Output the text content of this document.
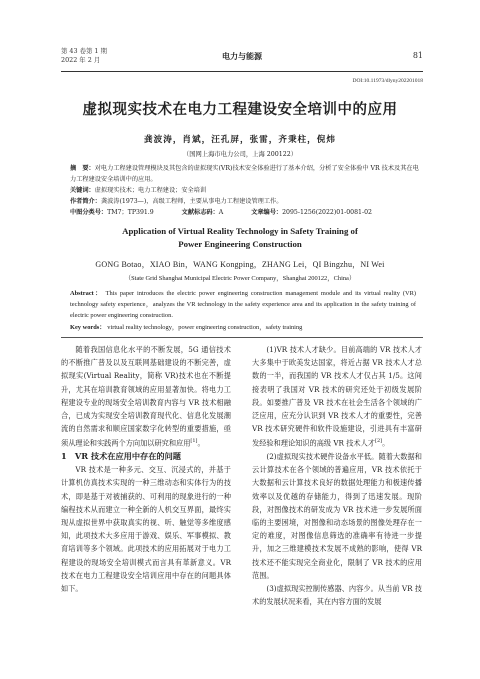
第 43 卷第 1 期
2022 年 2 月	电力与能源	81
DOI:10.11973/dlyny202201018
虚拟现实技术在电力工程建设安全培训中的应用
龚波涛，肖斌，汪孔屏，张雷，齐秉柱，倪炜
（国网上海市电力公司，上海 200122）
摘　要：对电力工程建设管理模块及其包含的虚拟现实(VR)技术安全体验进行了基本介绍，分析了安全体验中 VR 技术及其在电力工程建设安全培训中的应用。
关键词：虚拟现实技术；电力工程建设；安全培训
作者简介：龚波涛(1973—)，高级工程师，主要从事电力工程建设管理工作。
中图分类号：TM7；TP391.9	文献标志码：A	文章编号：2095-1256(2022)01-0081-02
Application of Virtual Reality Technology in Safety Training of
Power Engineering Construction
GONG Botao，XIAO Bin，WANG Kongping，ZHANG Lei，QI Bingzhu，NI Wei
（State Grid Shanghai Municipal Electric Power Company，Shanghai 200122，China）
Abstract： This paper introduces the electric power engineering construction management module and its virtual reality (VR) technology safety experience，analyzes the VR technology in the safety experience area and its application in the safety training of electric power engineering construction.
Key words： virtual reality technology，power engineering construction，safety training

随着我国信息化水平的不断发展，5G 通信技术的不断推广普及以及互联网基础建设的不断完善，虚拟现实(Virtual Reality，简称 VR)技术也在不断提升，尤其在培训教育领域的应用显著加快。将电力工程建设专业的现场安全培训教育内容与 VR 技术相融合，已成为实现安全培训教育现代化、信息化发展潮流的自然需求和顺应国家数字化转型的重要措施，亟须从理论和实践两个方向加以研究和应用[1]。

1　VR 技术在应用中存在的问题

VR 技术是一种多元、交互、沉浸式的，并基于计算机仿真技术实现的一种三维动态和实体行为的技术，即是基于对被捕获的、可利用的现象进行的一种编程技术从而建立一种全新的人机交互界面，最终实现从虚拟世界中获取真实的视、听、触觉等多维度感知，此项技术大多应用于游戏、娱乐、军事模拟、教育培训等多个领域。此项技术的应用拓展对于电力工程建设的现场安全培训模式而言具有革新意义。VR 技术在电力工程建设安全培训应用中存在的问题具体如下。

(1)VR 技术人才缺少。目前高端的 VR 技术人才大多集中于欧美发达国家，将近占据 VR 技术人才总数的一半，而我国的 VR 技术人才仅占其 1/5。这间接表明了我国对 VR 技术的研究还处于初级发展阶段。如要推广普及 VR 技术在社会生活各个领域的广泛应用，应充分认识到 VR 技术人才的重要性，完善 VR 技术研究硬件和软件设施建设，引进具有丰富研发经验和理论知识的高级 VR 技术人才[2]。

(2)虚拟现实技术硬件设备水平低。随着大数据和云计算技术在各个领域的普遍应用，VR 技术依托于大数据和云计算技术良好的数据处理能力和极速传播效率以及优越的存储能力，得到了迅速发展。现阶段，对图像技术的研发成为 VR 技术进一步发展所面临的主要困境，对图像和动态场景的图像处理存在一定的难度，对图像信息筛选的准确率有待进一步提升，加之三维建模技术发展不成熟的影响，使得 VR 技术还不能实现完全商业化，限制了 VR 技术的应用范围。

(3)虚拟现实控制传感器、内容少。从当前 VR 技术的发展状况来看，其在内容方面的发展
